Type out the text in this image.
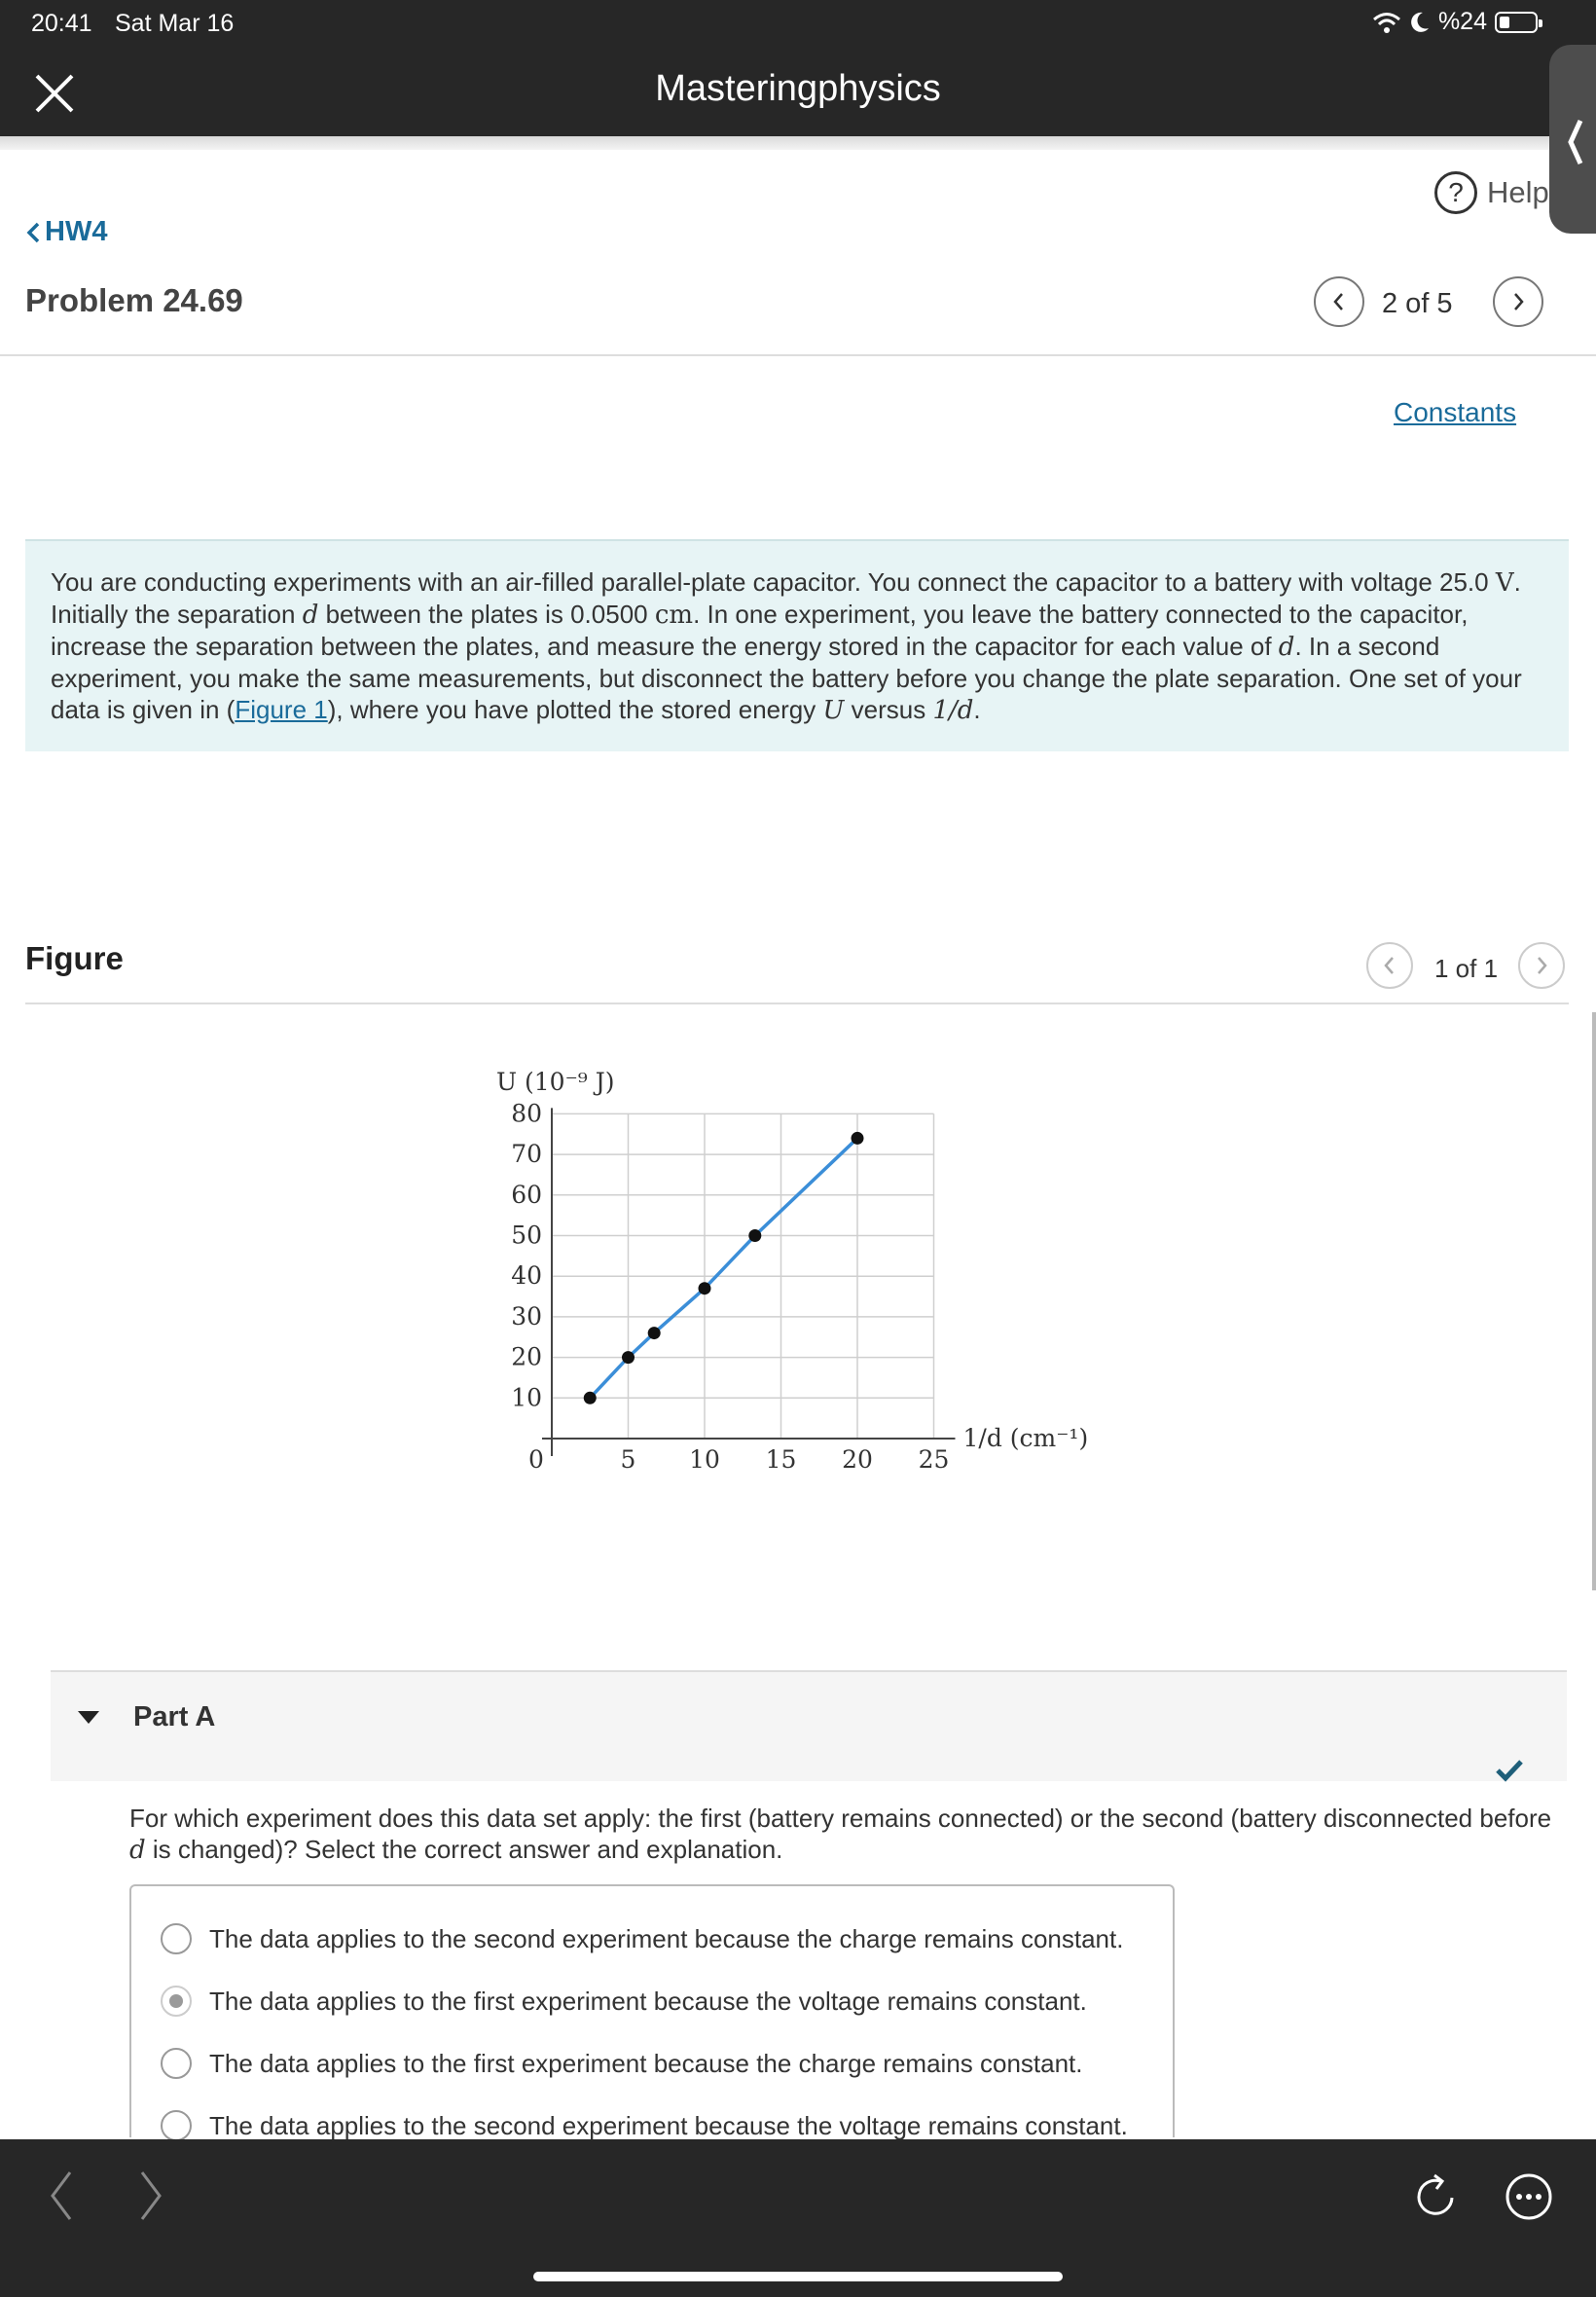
20:41 Sat Mar 16	%24
Masteringphysics
? Help
HW4
Problem 24.69	2 of 5
Constants
You are conducting experiments with an air-filled parallel-plate capacitor. You connect the capacitor to a battery with voltage 25.0 V. Initially the separation d between the plates is 0.0500 cm. In one experiment, you leave the battery connected to the capacitor, increase the separation between the plates, and measure the energy stored in the capacitor for each value of d. In a second experiment, you make the same measurements, but disconnect the battery before you change the plate separation. One set of your data is given in (Figure 1), where you have plotted the stored energy U versus 1/d.
Figure	1 of 1
10
20
30
40
50
60
70
80
5 10 15 20 25
0
U (10⁻⁹ J)
1/d (cm⁻¹)
Part A
For which experiment does this data set apply: the first (battery remains connected) or the second (battery disconnected before d is changed)? Select the correct answer and explanation.
The data applies to the second experiment because the charge remains constant.
The data applies to the first experiment because the voltage remains constant.
The data applies to the first experiment because the charge remains constant.
The data applies to the second experiment because the voltage remains constant.
